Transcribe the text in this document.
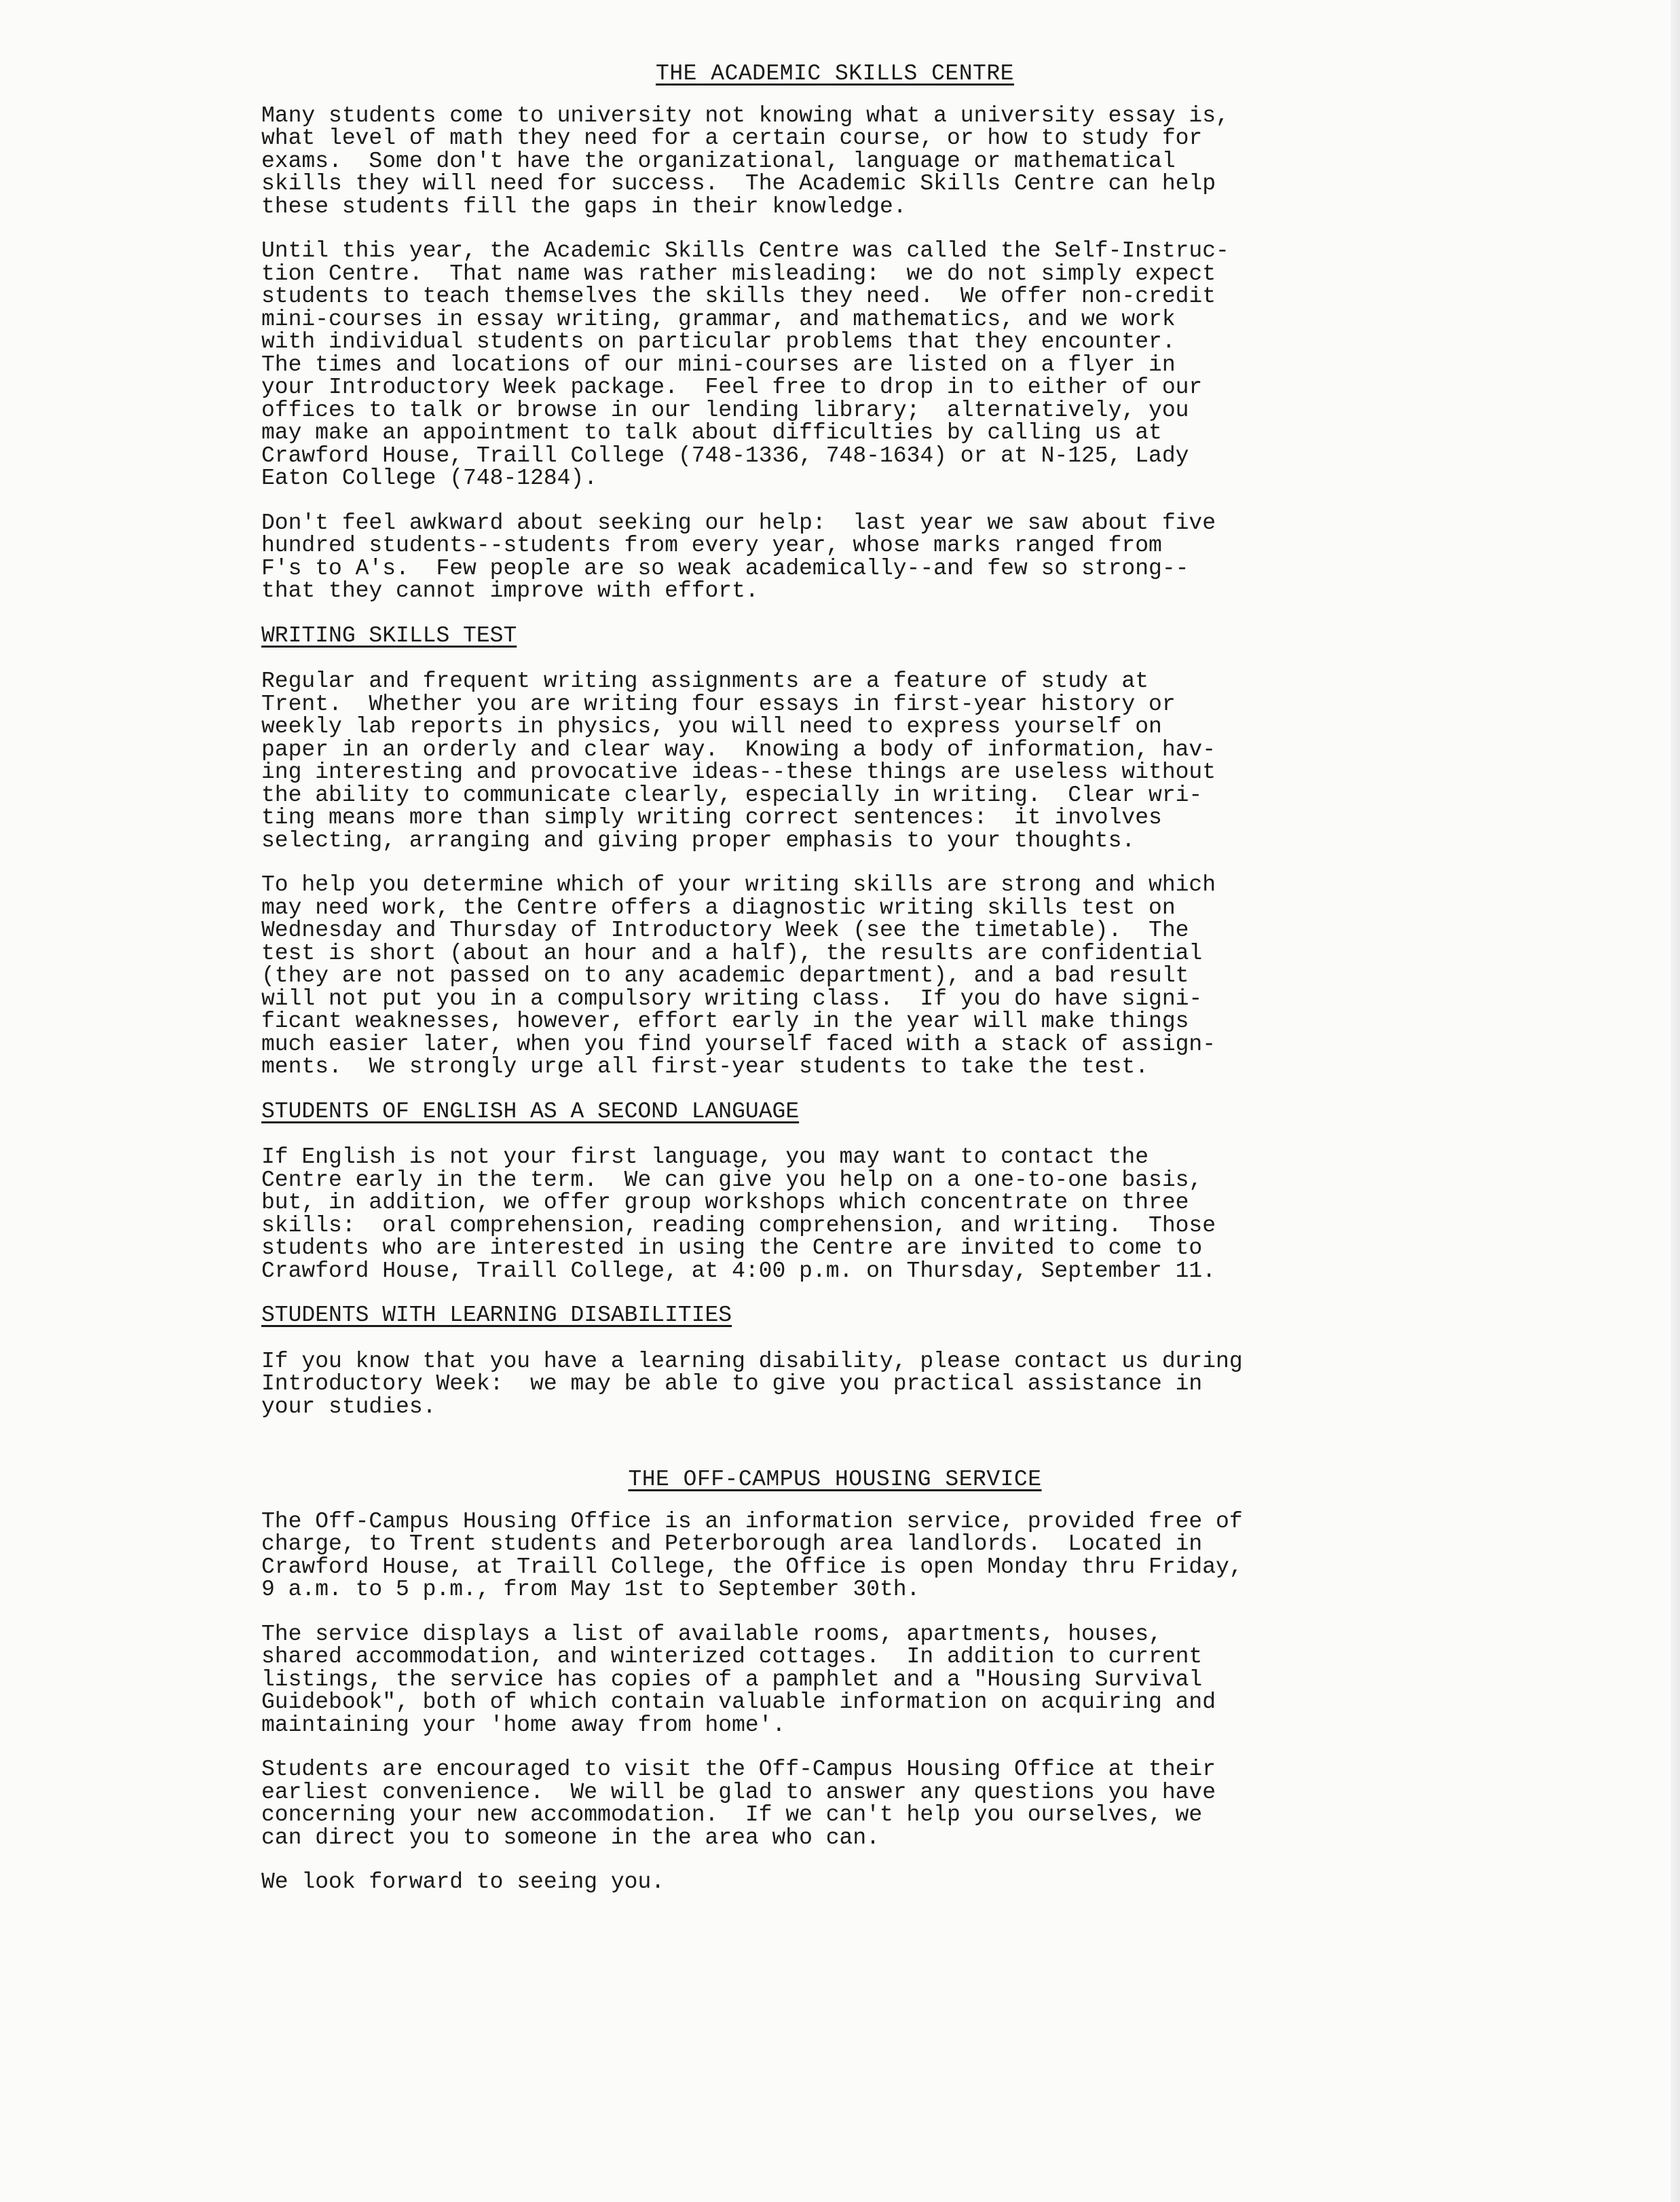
THE ACADEMIC SKILLS CENTRE
Many students come to university not knowing what a university essay is,
what level of math they need for a certain course, or how to study for
exams.  Some don't have the organizational, language or mathematical
skills they will need for success.  The Academic Skills Centre can help
these students fill the gaps in their knowledge.
Until this year, the Academic Skills Centre was called the Self-Instruc-
tion Centre.  That name was rather misleading:  we do not simply expect
students to teach themselves the skills they need.  We offer non-credit
mini-courses in essay writing, grammar, and mathematics, and we work
with individual students on particular problems that they encounter.
The times and locations of our mini-courses are listed on a flyer in
your Introductory Week package.  Feel free to drop in to either of our
offices to talk or browse in our lending library;  alternatively, you
may make an appointment to talk about difficulties by calling us at
Crawford House, Traill College (748-1336, 748-1634) or at N-125, Lady
Eaton College (748-1284).
Don't feel awkward about seeking our help:  last year we saw about five
hundred students--students from every year, whose marks ranged from
F's to A's.  Few people are so weak academically--and few so strong--
that they cannot improve with effort.
WRITING SKILLS TEST
Regular and frequent writing assignments are a feature of study at
Trent.  Whether you are writing four essays in first-year history or
weekly lab reports in physics, you will need to express yourself on
paper in an orderly and clear way.  Knowing a body of information, hav-
ing interesting and provocative ideas--these things are useless without
the ability to communicate clearly, especially in writing.  Clear wri-
ting means more than simply writing correct sentences:  it involves
selecting, arranging and giving proper emphasis to your thoughts.
To help you determine which of your writing skills are strong and which
may need work, the Centre offers a diagnostic writing skills test on
Wednesday and Thursday of Introductory Week (see the timetable).  The
test is short (about an hour and a half), the results are confidential
(they are not passed on to any academic department), and a bad result
will not put you in a compulsory writing class.  If you do have signi-
ficant weaknesses, however, effort early in the year will make things
much easier later, when you find yourself faced with a stack of assign-
ments.  We strongly urge all first-year students to take the test.
STUDENTS OF ENGLISH AS A SECOND LANGUAGE
If English is not your first language, you may want to contact the
Centre early in the term.  We can give you help on a one-to-one basis,
but, in addition, we offer group workshops which concentrate on three
skills:  oral comprehension, reading comprehension, and writing.  Those
students who are interested in using the Centre are invited to come to
Crawford House, Traill College, at 4:00 p.m. on Thursday, September 11.
STUDENTS WITH LEARNING DISABILITIES
If you know that you have a learning disability, please contact us during
Introductory Week:  we may be able to give you practical assistance in
your studies.
THE OFF-CAMPUS HOUSING SERVICE
The Off-Campus Housing Office is an information service, provided free of
charge, to Trent students and Peterborough area landlords.  Located in
Crawford House, at Traill College, the Office is open Monday thru Friday,
9 a.m. to 5 p.m., from May 1st to September 30th.
The service displays a list of available rooms, apartments, houses,
shared accommodation, and winterized cottages.  In addition to current
listings, the service has copies of a pamphlet and a "Housing Survival
Guidebook", both of which contain valuable information on acquiring and
maintaining your 'home away from home'.
Students are encouraged to visit the Off-Campus Housing Office at their
earliest convenience.  We will be glad to answer any questions you have
concerning your new accommodation.  If we can't help you ourselves, we
can direct you to someone in the area who can.
We look forward to seeing you.
